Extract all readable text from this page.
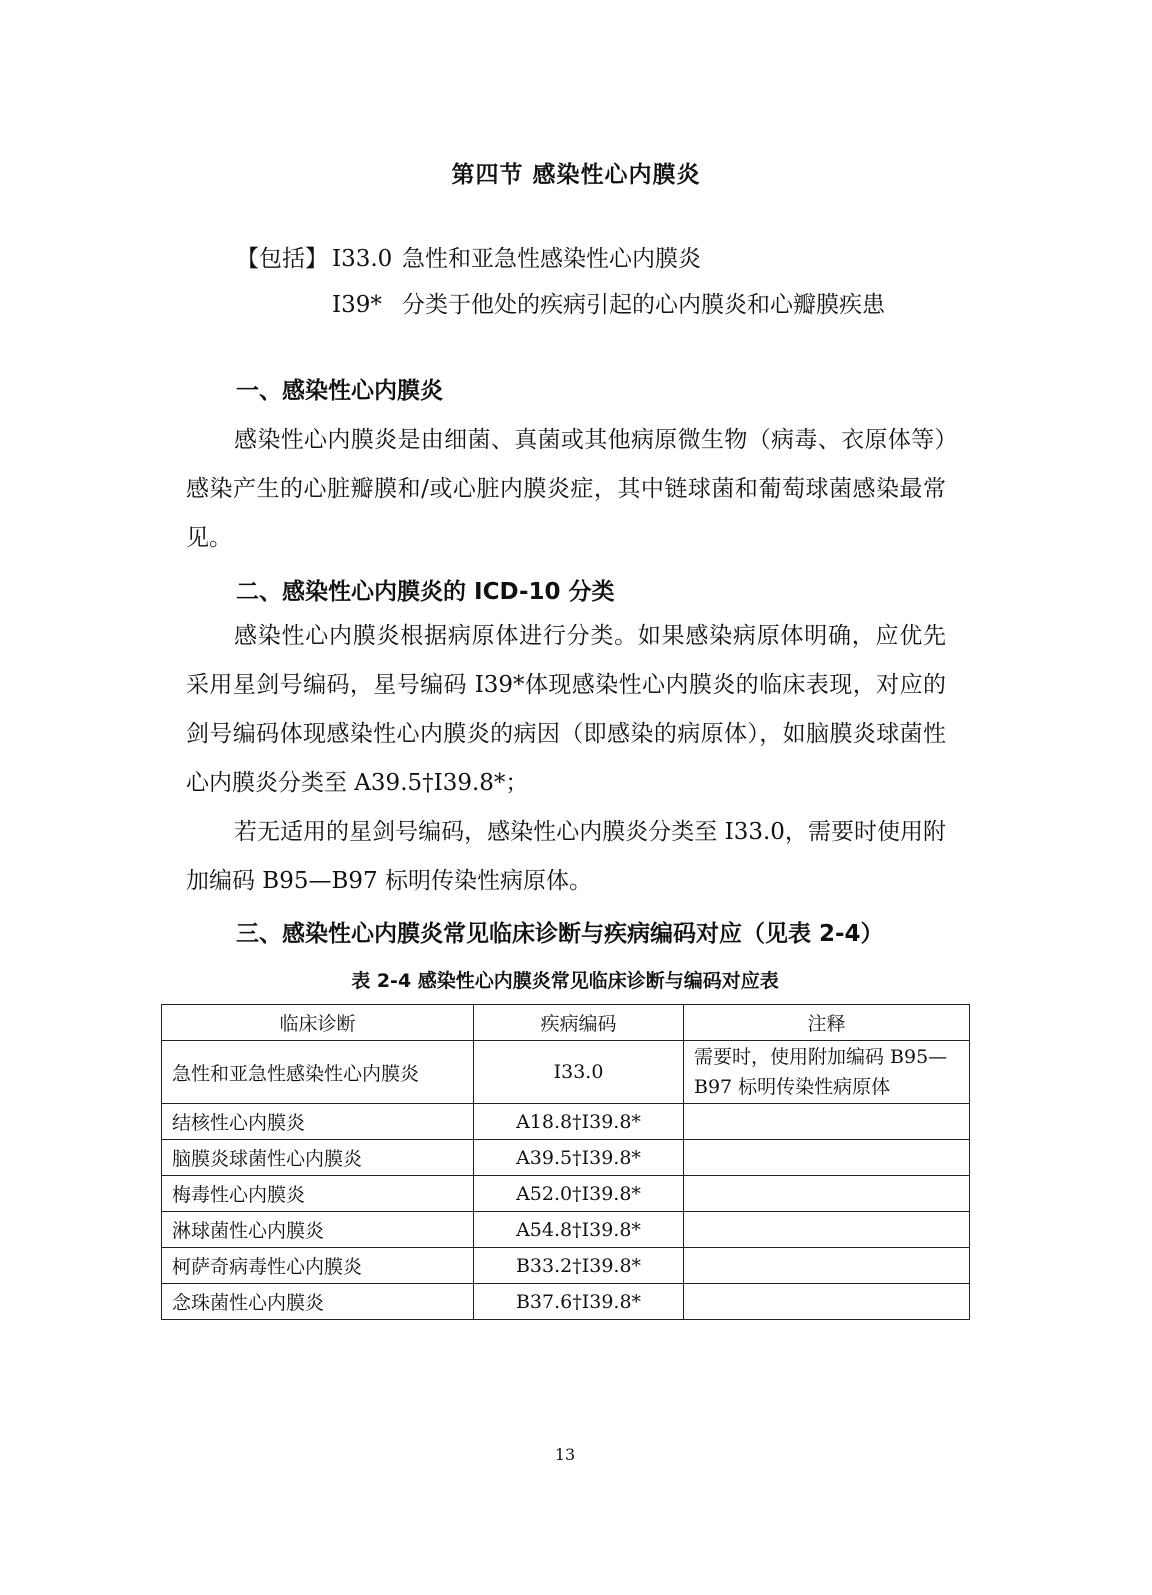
第四节 感染性心内膜炎
【包括】 I33.0 急性和亚急性感染性心内膜炎
I39* 分类于他处的疾病引起的心内膜炎和心瓣膜疾患
一、感染性心内膜炎
感染性心内膜炎是由细菌、真菌或其他病原微生物（病毒、衣原体等）感染产生的心脏瓣膜和/或心脏内膜炎症，其中链球菌和葡萄球菌感染最常见。
二、感染性心内膜炎的 ICD-10 分类
感染性心内膜炎根据病原体进行分类。如果感染病原体明确，应优先采用星剑号编码，星号编码 I39*体现感染性心内膜炎的临床表现，对应的剑号编码体现感染性心内膜炎的病因（即感染的病原体），如脑膜炎球菌性心内膜炎分类至 A39.5†I39.8*；
若无适用的星剑号编码，感染性心内膜炎分类至 I33.0，需要时使用附加编码 B95—B97 标明传染性病原体。
三、感染性心内膜炎常见临床诊断与疾病编码对应（见表 2-4）
表 2-4 感染性心内膜炎常见临床诊断与编码对应表
临床诊断	疾病编码	注释
急性和亚急性感染性心内膜炎	I33.0	需要时，使用附加编码 B95—B97 标明传染性病原体
结核性心内膜炎	A18.8†I39.8*	
脑膜炎球菌性心内膜炎	A39.5†I39.8*	
梅毒性心内膜炎	A52.0†I39.8*	
淋球菌性心内膜炎	A54.8†I39.8*	
柯萨奇病毒性心内膜炎	B33.2†I39.8*	
念珠菌性心内膜炎	B37.6†I39.8*	
13
